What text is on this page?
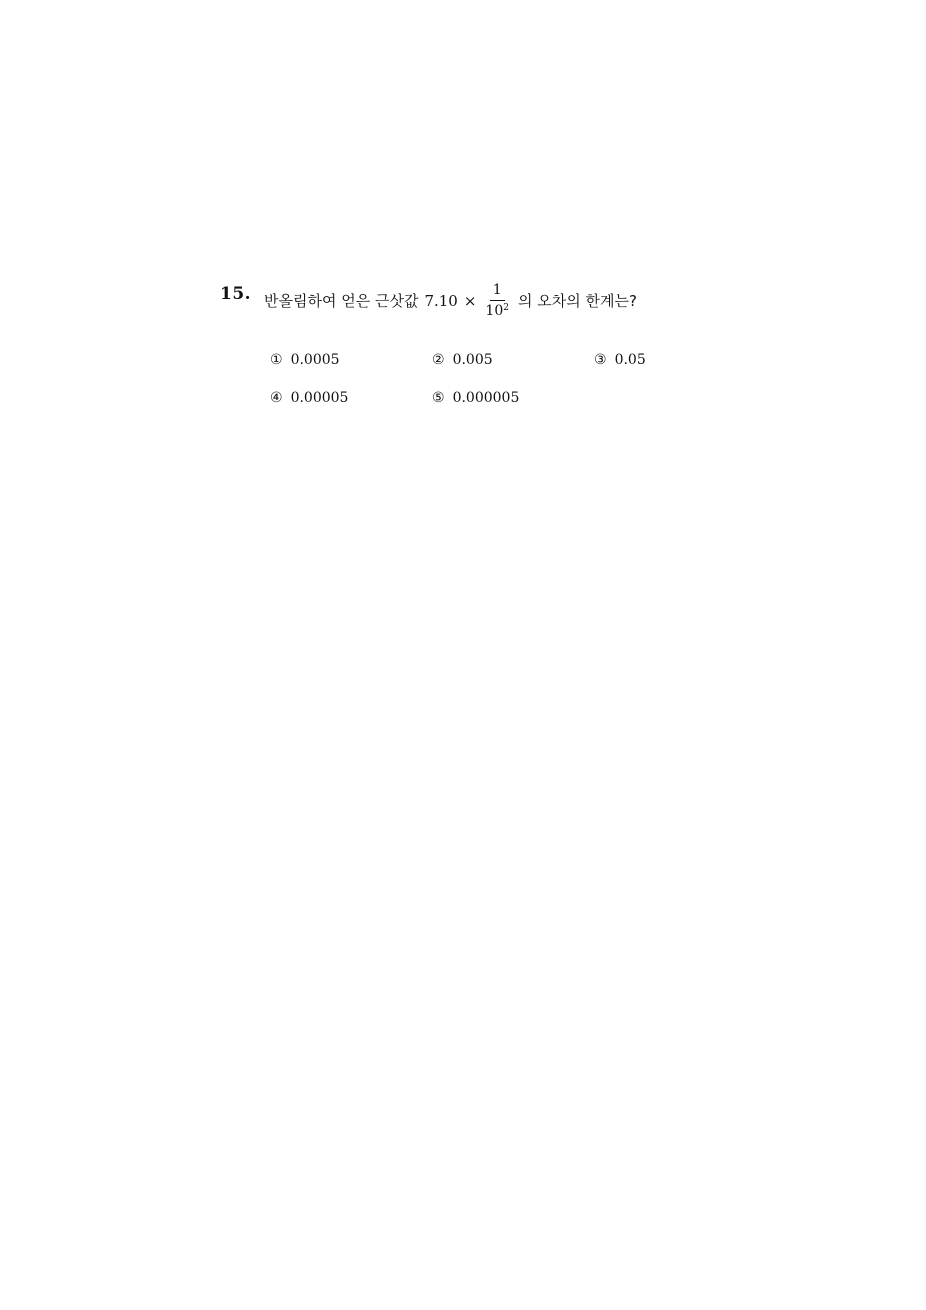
15. 반올림하여 얻은 근삿값 $7.10 \times \frac{1}{10^2}$ 의 오차의 한계는?
① 0.0005	② 0.005	③ 0.05
④ 0.00005	⑤ 0.000005
